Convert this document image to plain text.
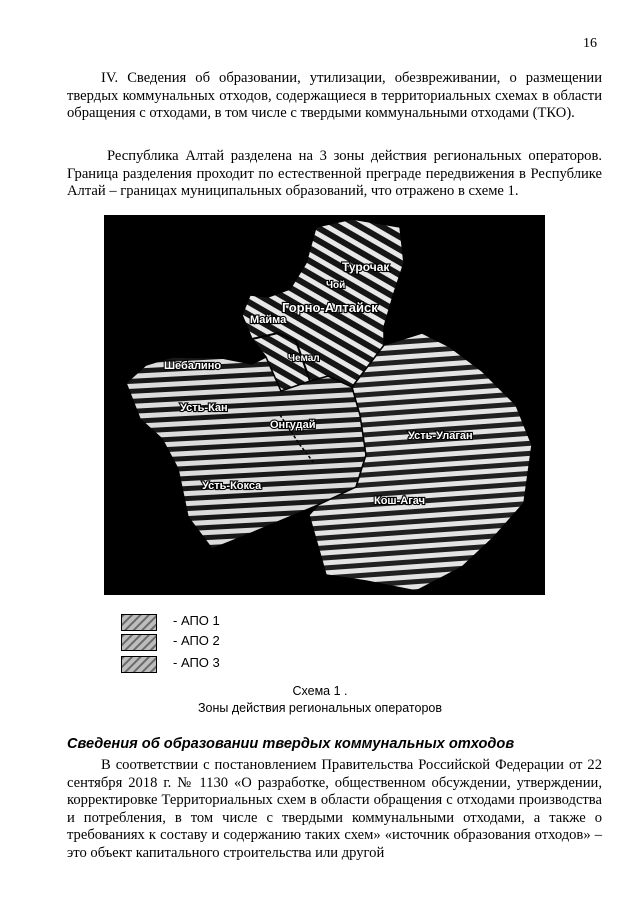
16

IV. Сведения об образовании, утилизации, обезвреживании, о размещении твердых коммунальных отходов, содержащиеся в территориальных схемах в области обращения с отходами, в том числе с твердыми коммунальными отходами (ТКО).

Республика Алтай разделена на 3 зоны действия региональных операторов. Граница разделения проходит по естественной преграде передвижения в Республике Алтай – границах муниципальных образований, что отражено в схеме 1.

Турочак
Чой
Горно-Алтайск
Майма
Чемал
Шебалино
Усть-Кан
Онгудай
Усть-Улаган
Усть-Кокса
Кош-Агач
- АПО 1
- АПО 2
- АПО 3
Схема 1 .
Зоны действия региональных операторов
Сведения об образовании твердых коммунальных отходов

В соответствии с постановлением Правительства Российской Федерации от 22 сентября 2018 г. № 1130 «О разработке, общественном обсуждении, утверждении, корректировке Территориальных схем в области обращения с отходами производства и потребления, в том числе с твердыми коммунальными отходами, а также о требованиях к составу и содержанию таких схем» «источник образования отходов» – это объект капитального строительства или другой
